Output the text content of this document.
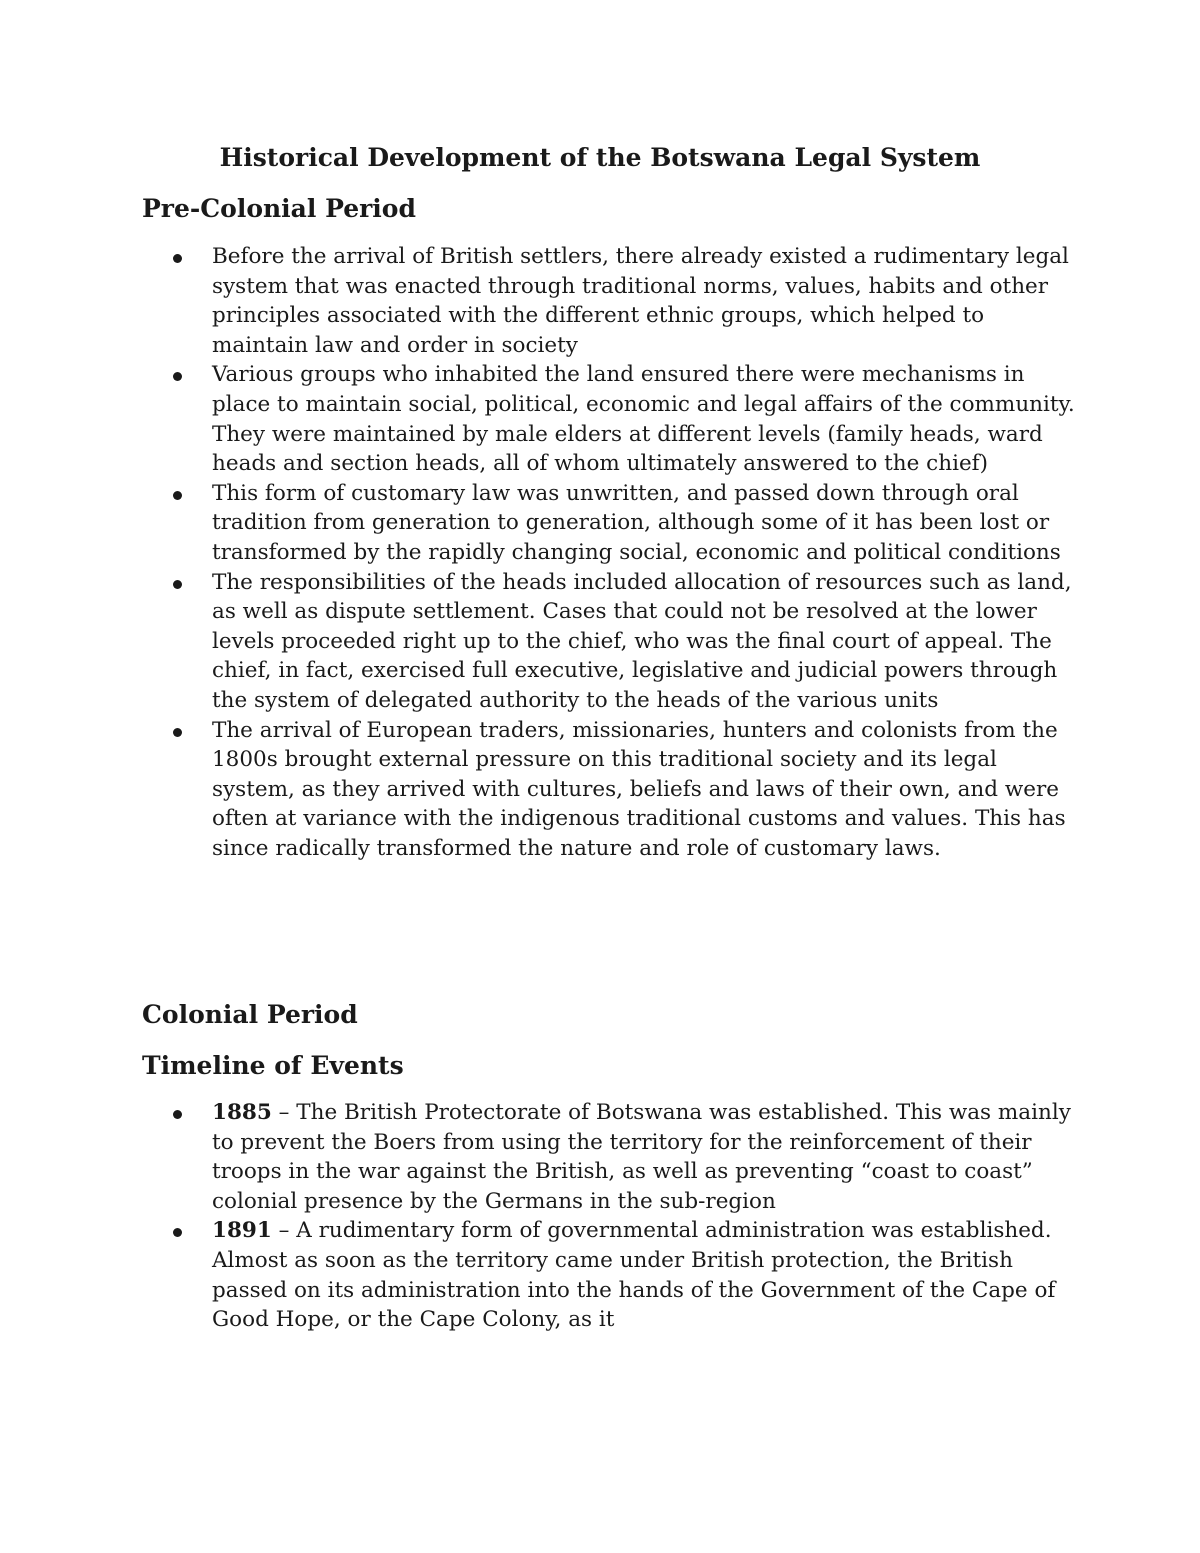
Historical Development of the Botswana Legal System
Pre-Colonial Period
Before the arrival of British settlers, there already existed a rudimentary legal system that was enacted through traditional norms, values, habits and other principles associated with the different ethnic groups, which helped to maintain law and order in society
Various groups who inhabited the land ensured there were mechanisms in place to maintain social, political, economic and legal affairs of the community. They were maintained by male elders at different levels (family heads, ward heads and section heads, all of whom ultimately answered to the chief)
This form of customary law was unwritten, and passed down through oral tradition from generation to generation, although some of it has been lost or transformed by the rapidly changing social, economic and political conditions
The responsibilities of the heads included allocation of resources such as land, as well as dispute settlement. Cases that could not be resolved at the lower levels proceeded right up to the chief, who was the final court of appeal. The chief, in fact, exercised full executive, legislative and judicial powers through the system of delegated authority to the heads of the various units
The arrival of European traders, missionaries, hunters and colonists from the 1800s brought external pressure on this traditional society and its legal system, as they arrived with cultures, beliefs and laws of their own, and were often at variance with the indigenous traditional customs and values. This has since radically transformed the nature and role of customary laws.
Colonial Period
Timeline of Events
1885 – The British Protectorate of Botswana was established. This was mainly to prevent the Boers from using the territory for the reinforcement of their troops in the war against the British, as well as preventing “coast to coast” colonial presence by the Germans in the sub-region
1891 – A rudimentary form of governmental administration was established. Almost as soon as the territory came under British protection, the British passed on its administration into the hands of the Government of the Cape of Good Hope, or the Cape Colony, as it
